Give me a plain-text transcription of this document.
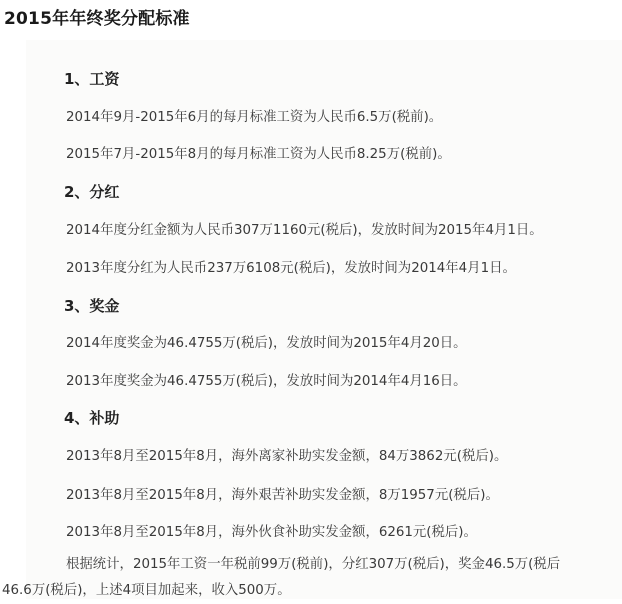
2015年年终奖分配标准
1、工资
2014年9月-2015年6月的每月标准工资为人民币6.5万(税前)。
2015年7月-2015年8月的每月标准工资为人民币8.25万(税前)。
2、分红
2014年度分红金额为人民币307万1160元(税后)，发放时间为2015年4月1日。
2013年度分红为人民币237万6108元(税后)，发放时间为2014年4月1日。
3、奖金
2014年度奖金为46.4755万(税后)，发放时间为2015年4月20日。
2013年度奖金为46.4755万(税后)，发放时间为2014年4月16日。
4、补助
2013年8月至2015年8月，海外离家补助实发金额，84万3862元(税后)。
2013年8月至2015年8月，海外艰苦补助实发金额，8万1957元(税后)。
2013年8月至2015年8月，海外伙食补助实发金额，6261元(税后)。
根据统计，2015年工资一年税前99万(税前)，分红307万(税后)，奖金46.5万(税后
46.6万(税后)，上述4项目加起来，收入500万。
